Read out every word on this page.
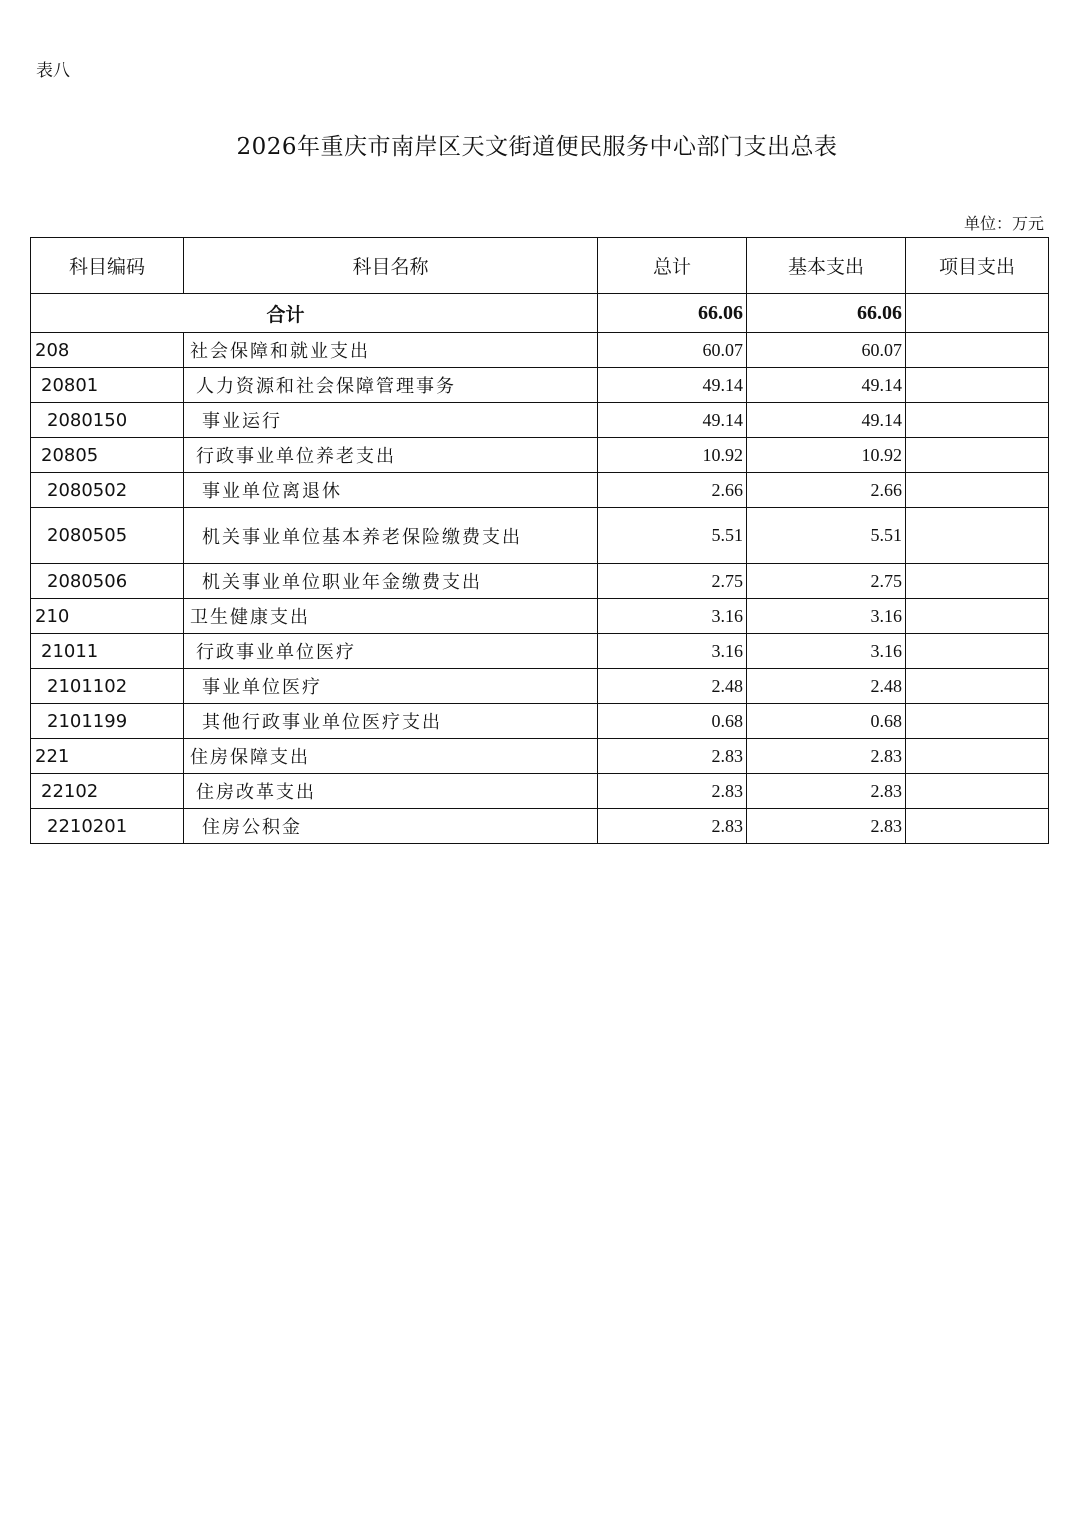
表八
2026年重庆市南岸区天文街道便民服务中心部门支出总表
单位：万元
科目编码	科目名称	总计	基本支出	项目支出
合计		66.06	66.06	
208	社会保障和就业支出	60.07	60.07	
20801	人力资源和社会保障管理事务	49.14	49.14	
2080150	事业运行	49.14	49.14	
20805	行政事业单位养老支出	10.92	10.92	
2080502	事业单位离退休	2.66	2.66	
2080505	机关事业单位基本养老保险缴费支出	5.51	5.51	
2080506	机关事业单位职业年金缴费支出	2.75	2.75	
210	卫生健康支出	3.16	3.16	
21011	行政事业单位医疗	3.16	3.16	
2101102	事业单位医疗	2.48	2.48	
2101199	其他行政事业单位医疗支出	0.68	0.68	
221	住房保障支出	2.83	2.83	
22102	住房改革支出	2.83	2.83	
2210201	住房公积金	2.83	2.83	
